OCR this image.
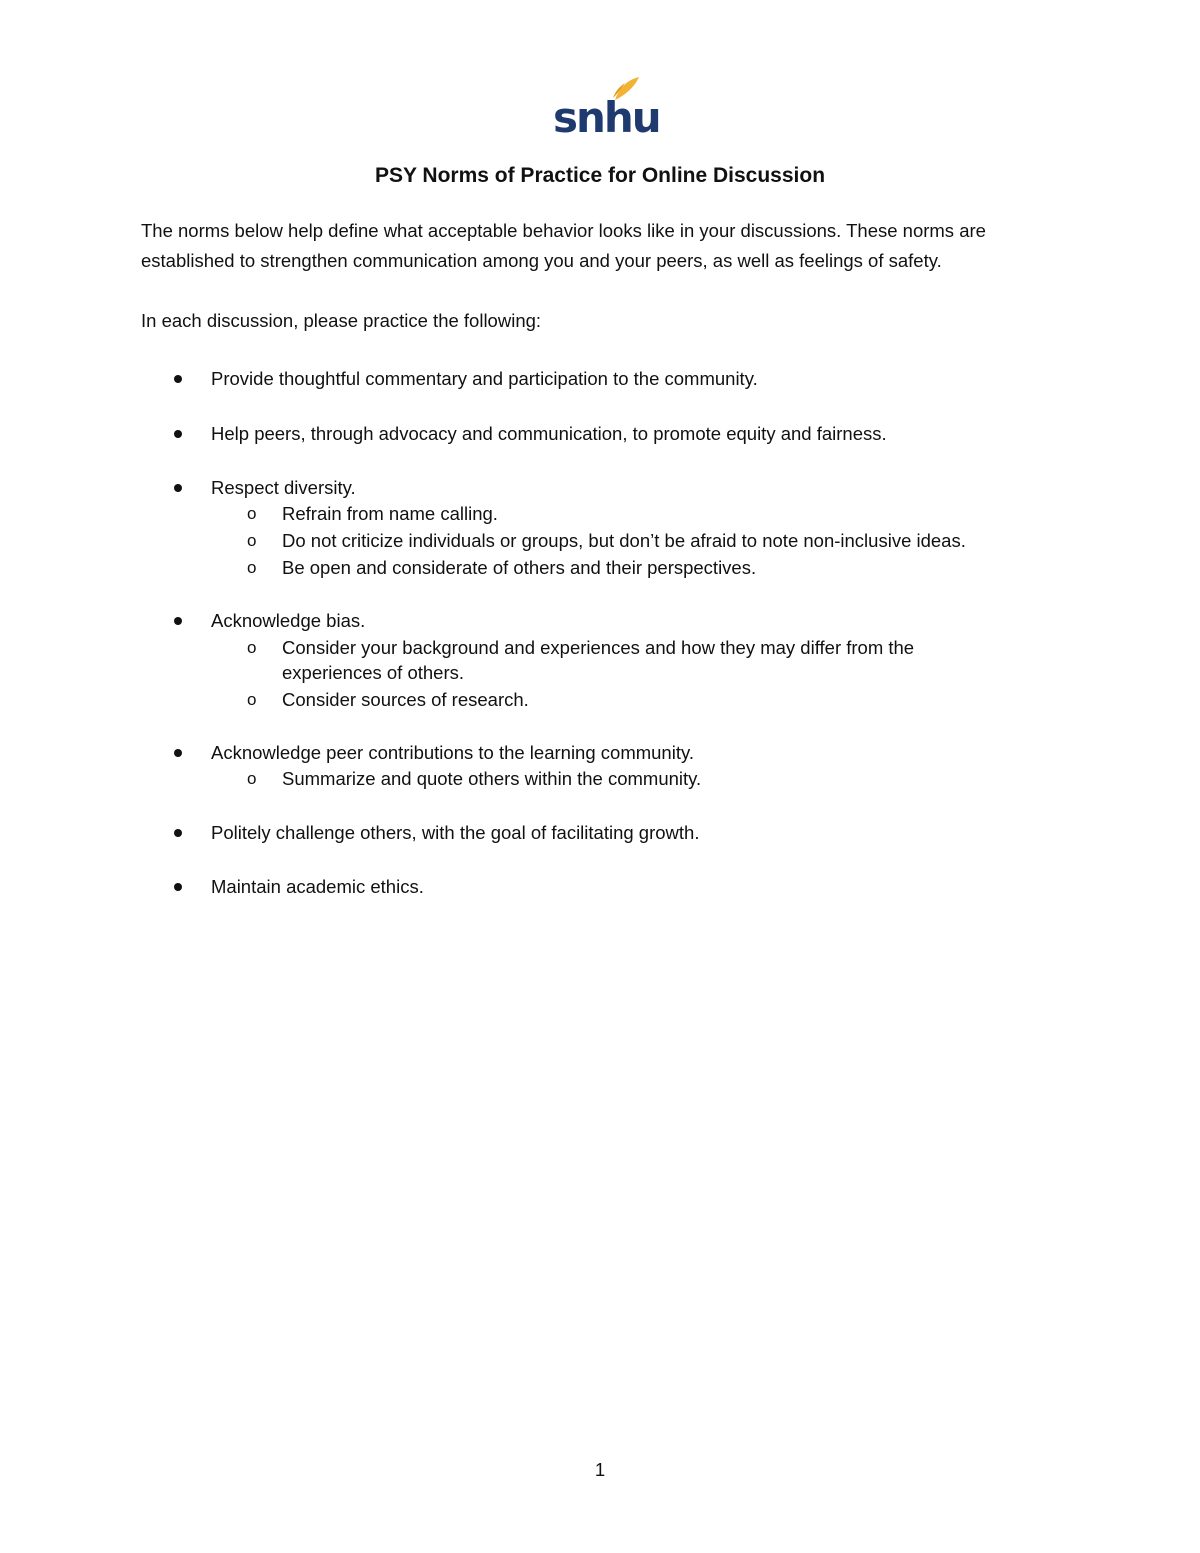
snhu
PSY Norms of Practice for Online Discussion

The norms below help define what acceptable behavior looks like in your discussions. These norms are established to strengthen communication among you and your peers, as well as feelings of safety.

In each discussion, please practice the following:

Provide thoughtful commentary and participation to the community.
Help peers, through advocacy and communication, to promote equity and fairness.
Respect diversity.
o Refrain from name calling.
o Do not criticize individuals or groups, but don’t be afraid to note non-inclusive ideas.
o Be open and considerate of others and their perspectives.
Acknowledge bias.
o Consider your background and experiences and how they may differ from the experiences of others.
o Consider sources of research.
Acknowledge peer contributions to the learning community.
o Summarize and quote others within the community.
Politely challenge others, with the goal of facilitating growth.
Maintain academic ethics.
1
